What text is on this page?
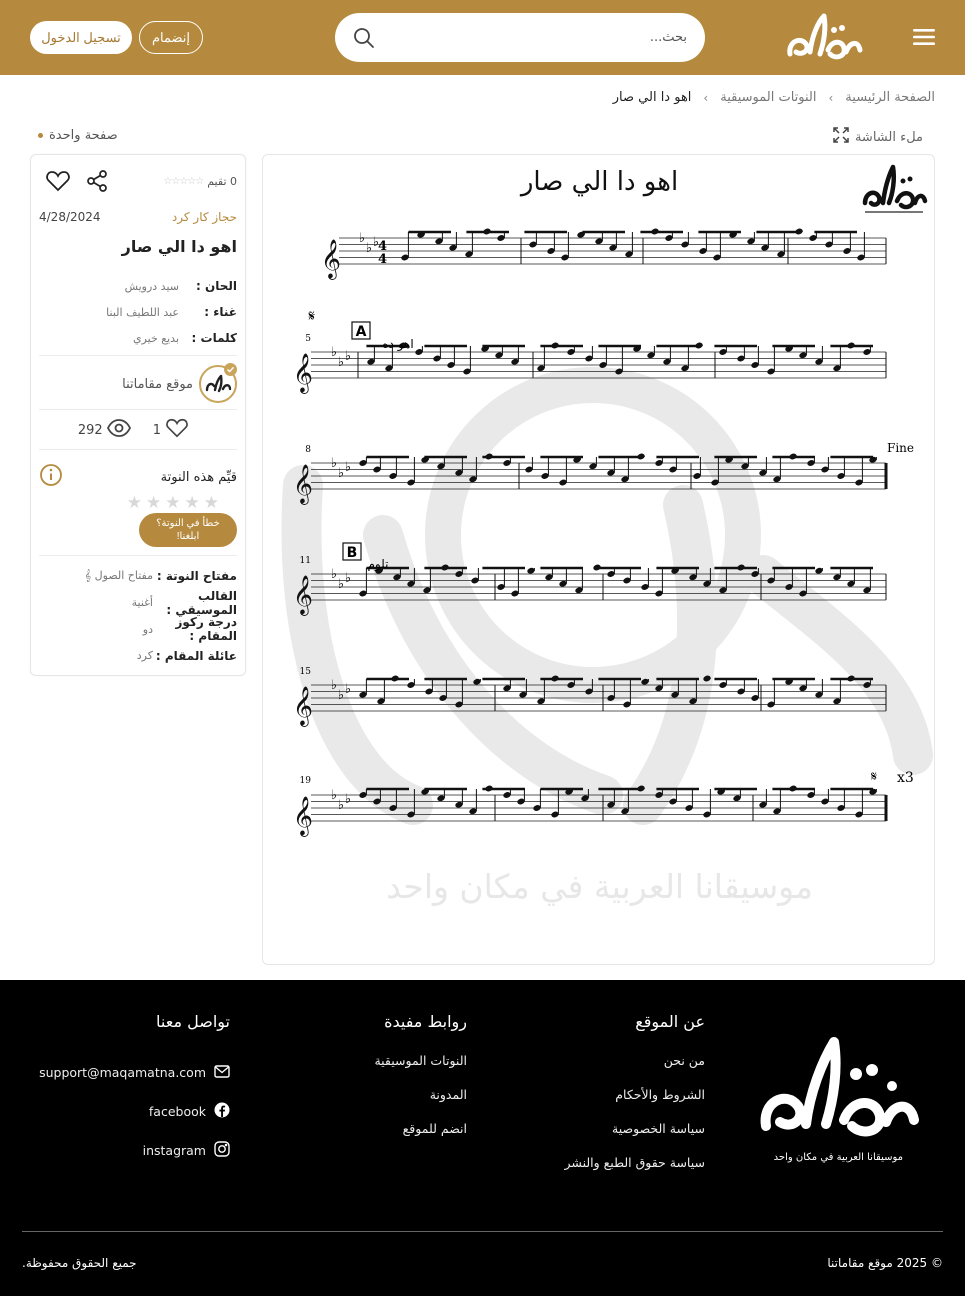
تسجيل الدخول	إنضمام
بحث...
الصفحة الرئيسية
›
النوتات الموسيقية
›
اهو دا الي صار
ملء الشاشة
صفحة واحدة
0 تقيم
☆☆☆☆☆
حجاز كار كرد
4/28/2024
اهو دا الي صار
الحان :
سيد درويش
غناء :
عبد اللطيف البنا
كلمات :
بديع خيري
موقع مقاماتنا
1
292
قيِّم هذه النوتة
★
★
★
★
★
خطأ في النوتة؟
ابلغنا!
مفتاح النوتة :
مفتاح الصول 𝄞
القالب الموسيقي :
أغنية
درجة ركوز المقام :
دو
عائلة المقام :
كرد
𝄞
♭
♭ ♭
4
4
𝄞
♭
♭ ♭
𝄞
♭
♭ ♭
𝄞
♭
♭ ♭
𝄞
♭
♭ ♭
𝄞
♭
♭ ♭
A
B
اهو ده
تلوم
𝄋
Fine
𝄋 x3
5
8
11
15
19
اهو دا الي صار
موسيقانا العربية في مكان واحد
موسيقانا العربية في مكان واحد
عن الموقع
من نحن
الشروط والأحكام
سياسة الخصوصية
سياسة حقوق الطبع والنشر
روابط مفيدة
النوتات الموسيقية
المدونة
انضم للموقع
تواصل معنا
support@maqamatna.com
facebook
instagram
© 2025 موقع مقاماتنا
جميع الحقوق محفوظة.
